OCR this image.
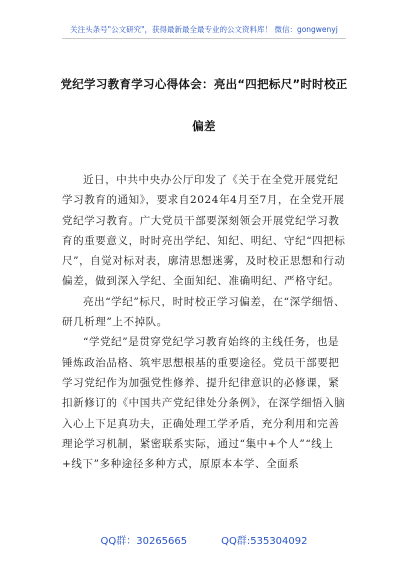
关注头条号"公文研究"，获得最新最全最专业的公文资料库！ 微信：gongwenyj
党纪学习教育学习心得体会：亮出“四把标尺”时时校正
偏差

近日，中共中央办公厅印发了《关于在全党开展党纪学习教育的通知》，要求自2024年4月至7月，在全党开展党纪学习教育。广大党员干部要深刻领会开展党纪学习教育的重要意义，时时亮出学纪、知纪、明纪、守纪“四把标尺”，自觉对标对表，廓清思想迷雾，及时校正思想和行动偏差，做到深入学纪、全面知纪、准确明纪、严格守纪。

亮出“学纪”标尺，时时校正学习偏差，在“深学细悟、研几析理”上不掉队。

“学党纪”是贯穿党纪学习教育始终的主线任务，也是锤炼政治品格、筑牢思想根基的重要途径。党员干部要把学习党纪作为加强党性修养、提升纪律意识的必修课，紧扣新修订的《中国共产党纪律处分条例》，在深学细悟入脑入心上下足真功夫，正确处理工学矛盾，充分利用和完善理论学习机制，紧密联系实际，通过“集中+个人”“线上+线下”多种途径多种方式，原原本本学、全面系

QQ群：30265665	QQ群:535304092
